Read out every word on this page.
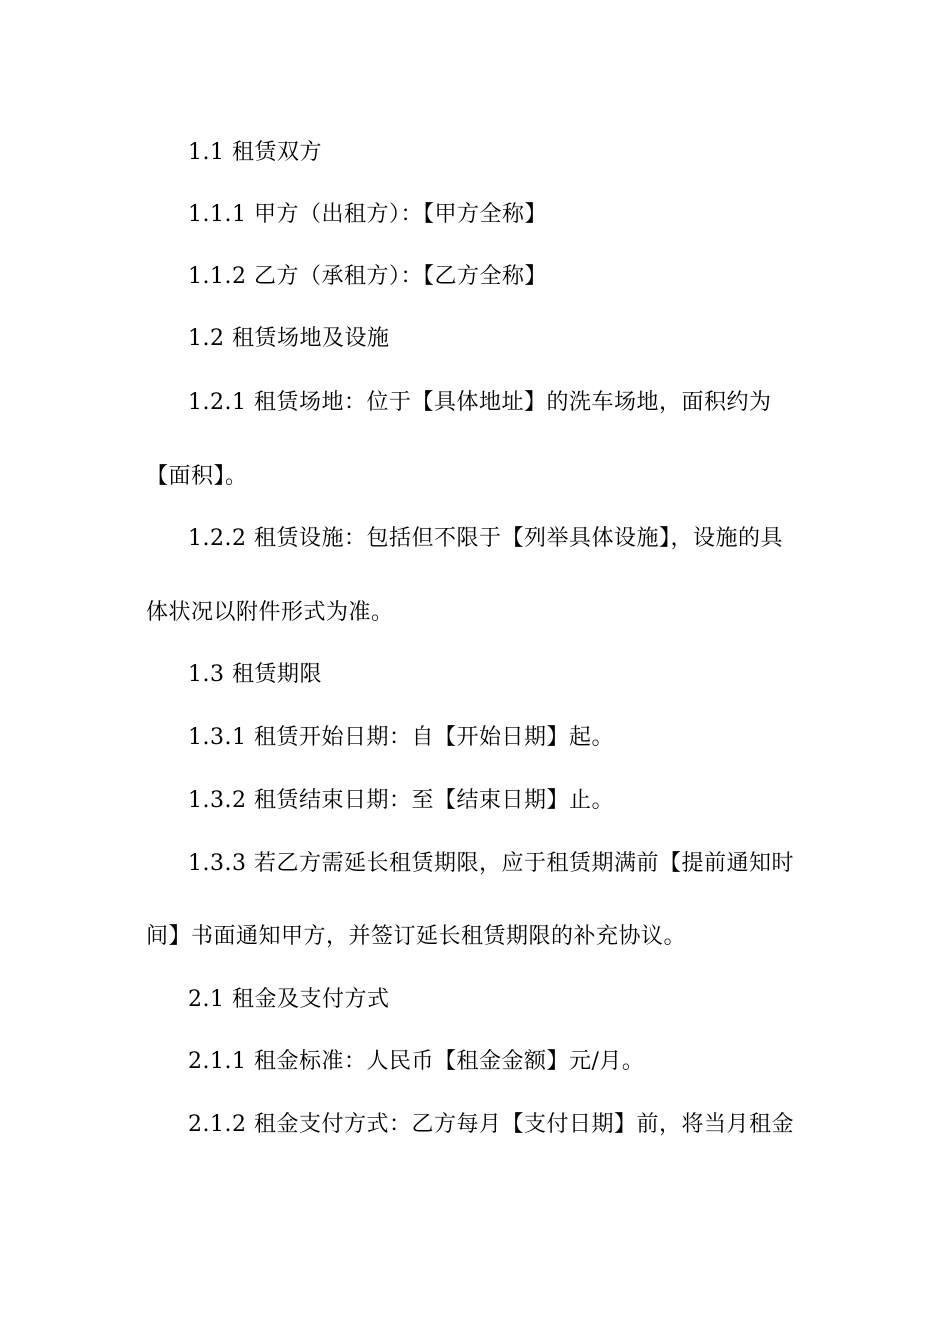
1.1 租赁双方
1.1.1 甲方（出租方）：【甲方全称】
1.1.2 乙方（承租方）：【乙方全称】
1.2 租赁场地及设施
1.2.1 租赁场地：位于【具体地址】的洗车场地，面积约为
【面积】。
1.2.2 租赁设施：包括但不限于【列举具体设施】，设施的具
体状况以附件形式为准。
1.3 租赁期限
1.3.1 租赁开始日期：自【开始日期】起。
1.3.2 租赁结束日期：至【结束日期】止。
1.3.3 若乙方需延长租赁期限，应于租赁期满前【提前通知时
间】书面通知甲方，并签订延长租赁期限的补充协议。
2.1 租金及支付方式
2.1.1 租金标准：人民币【租金金额】元/月。
2.1.2 租金支付方式：乙方每月【支付日期】前，将当月租金
